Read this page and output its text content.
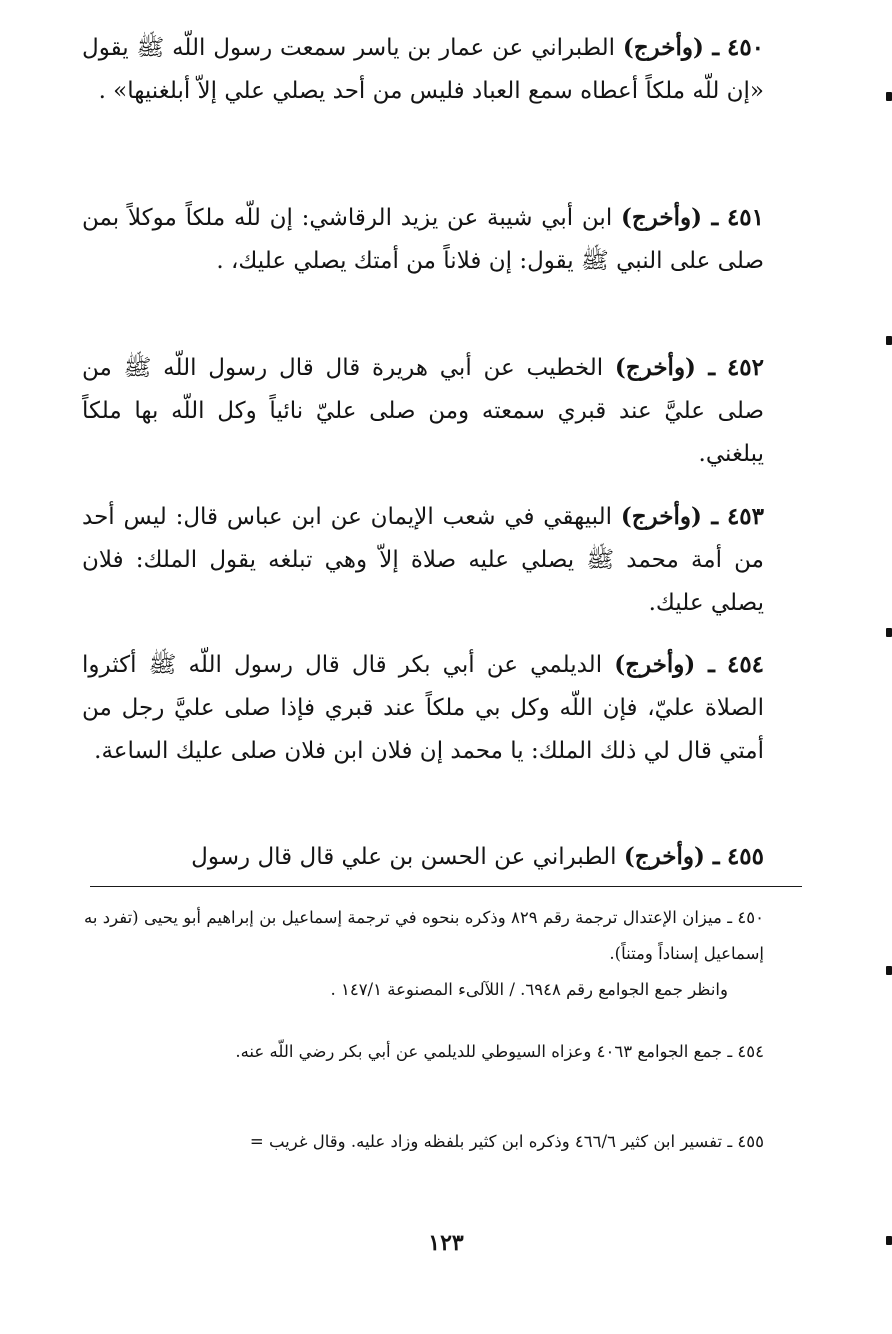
٤٥٠ ـ (وأخرج) الطبراني عن عمار بن ياسر سمعت رسول اللّه ﷺ يقول «إن للّه ملكاً أعطاه سمع العباد فليس من أحد يصلي علي إلاّ أبلغنيها» .

٤٥١ ـ (وأخرج) ابن أبي شيبة عن يزيد الرقاشي: إن للّه ملكاً موكلاً بمن صلى على النبي ﷺ يقول: إن فلاناً من أمتك يصلي عليك، .

٤٥٢ ـ (وأخرج) الخطيب عن أبي هريرة قال قال رسول اللّه ﷺ من صلى عليَّ عند قبري سمعته ومن صلى عليّ نائياً وكل اللّه بها ملكاً يبلغني.

٤٥٣ ـ (وأخرج) البيهقي في شعب الإيمان عن ابن عباس قال: ليس أحد من أمة محمد ﷺ يصلي عليه صلاة إلاّ وهي تبلغه يقول الملك: فلان يصلي عليك.

٤٥٤ ـ (وأخرج) الديلمي عن أبي بكر قال قال رسول اللّه ﷺ أكثروا الصلاة عليّ، فإن اللّه وكل بي ملكاً عند قبري فإذا صلى عليَّ رجل من أمتي قال لي ذلك الملك: يا محمد إن فلان ابن فلان صلى عليك الساعة.

٤٥٥ ـ (وأخرج) الطبراني عن الحسن بن علي قال قال رسول

٤٥٠ ـ ميزان الإعتدال ترجمة رقم ٨٢٩ وذكره بنحوه في ترجمة إسماعيل بن إبراهيم أبو يحيى (تفرد به إسماعيل إسناداً ومتناً).
وانظر جمع الجوامع رقم ٦٩٤٨. / اللآلىء المصنوعة ١٤٧/١ .
٤٥٤ ـ جمع الجوامع ٤٠٦٣ وعزاه السيوطي للديلمي عن أبي بكر رضي اللّه عنه.
٤٥٥ ـ تفسير ابن كثير ٤٦٦/٦ وذكره ابن كثير بلفظه وزاد عليه. وقال غريب =
١٢٣
